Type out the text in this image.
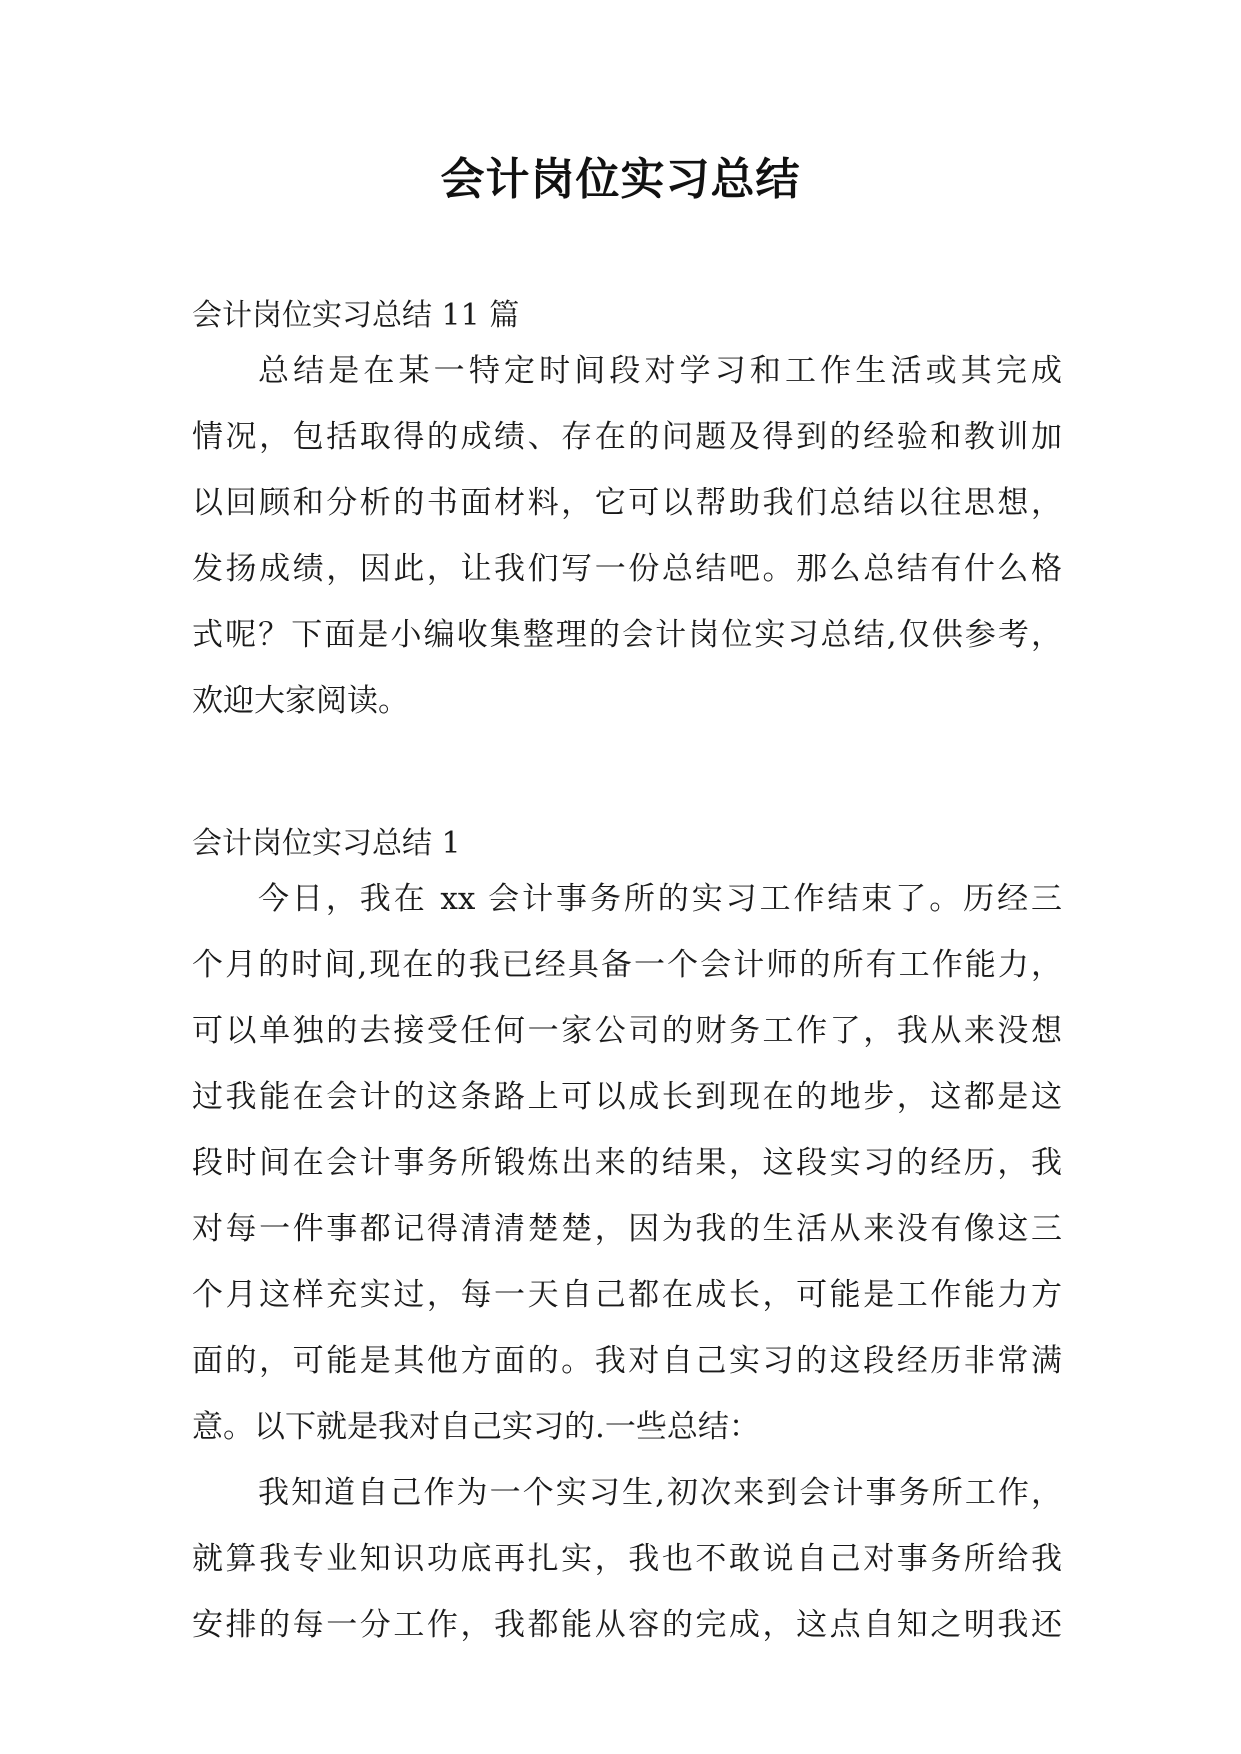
会计岗位实习总结
会计岗位实习总结 11 篇
总结是在某一特定时间段对学习和工作生活或其完成
情况，包括取得的成绩、存在的问题及得到的经验和教训加
以回顾和分析的书面材料，它可以帮助我们总结以往思想，
发扬成绩，因此，让我们写一份总结吧。那么总结有什么格
式呢？下面是小编收集整理的会计岗位实习总结,仅供参考，
欢迎大家阅读。
会计岗位实习总结 1
今日，我在 xx 会计事务所的实习工作结束了。历经三
个月的时间,现在的我已经具备一个会计师的所有工作能力，
可以单独的去接受任何一家公司的财务工作了，我从来没想
过我能在会计的这条路上可以成长到现在的地步，这都是这
段时间在会计事务所锻炼出来的结果，这段实习的经历，我
对每一件事都记得清清楚楚，因为我的生活从来没有像这三
个月这样充实过，每一天自己都在成长，可能是工作能力方
面的，可能是其他方面的。我对自己实习的这段经历非常满
意。以下就是我对自己实习的.一些总结：
我知道自己作为一个实习生,初次来到会计事务所工作，
就算我专业知识功底再扎实，我也不敢说自己对事务所给我
安排的每一分工作，我都能从容的完成，这点自知之明我还
